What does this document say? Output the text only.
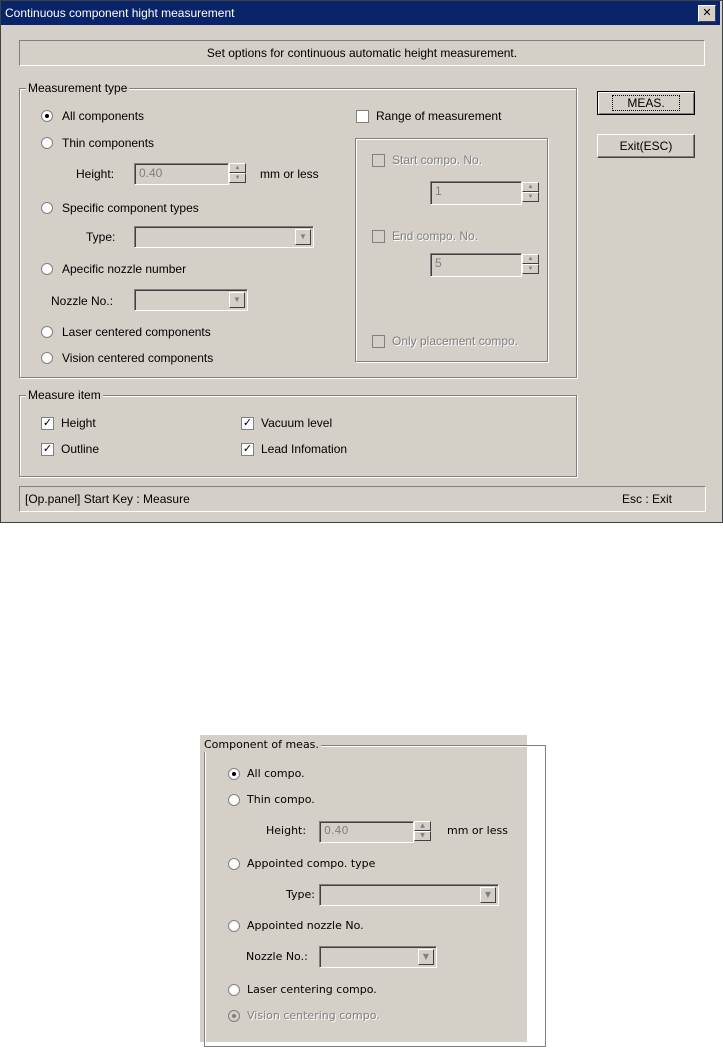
Continuous component hight measurement	✕
Set options for continuous automatic height measurement.
Measurement type
All components
Thin components
Height:	0.40	▲
▼	mm or less
Specific component types
Type:	▼
Apecific nozzle number
Nozzle No.:	▼
Laser centered components
Vision centered components
Range of measurement
Start compo. No.
1	▲
▼
End compo. No.
5	▲
▼
Only placement compo.
MEAS.
Exit(ESC)
Measure item
✓ Height
✓ Outline
✓ Vacuum level
✓ Lead Infomation
[Op.panel] Start Key : Measure	Esc : Exit
Component of meas.
All compo.
Thin compo.
Height:	0.40	▲
▼	mm or less
Appointed compo. type
Type:	▼
Appointed nozzle No.
Nozzle No.:	▼
Laser centering compo.
Vision centering compo.
